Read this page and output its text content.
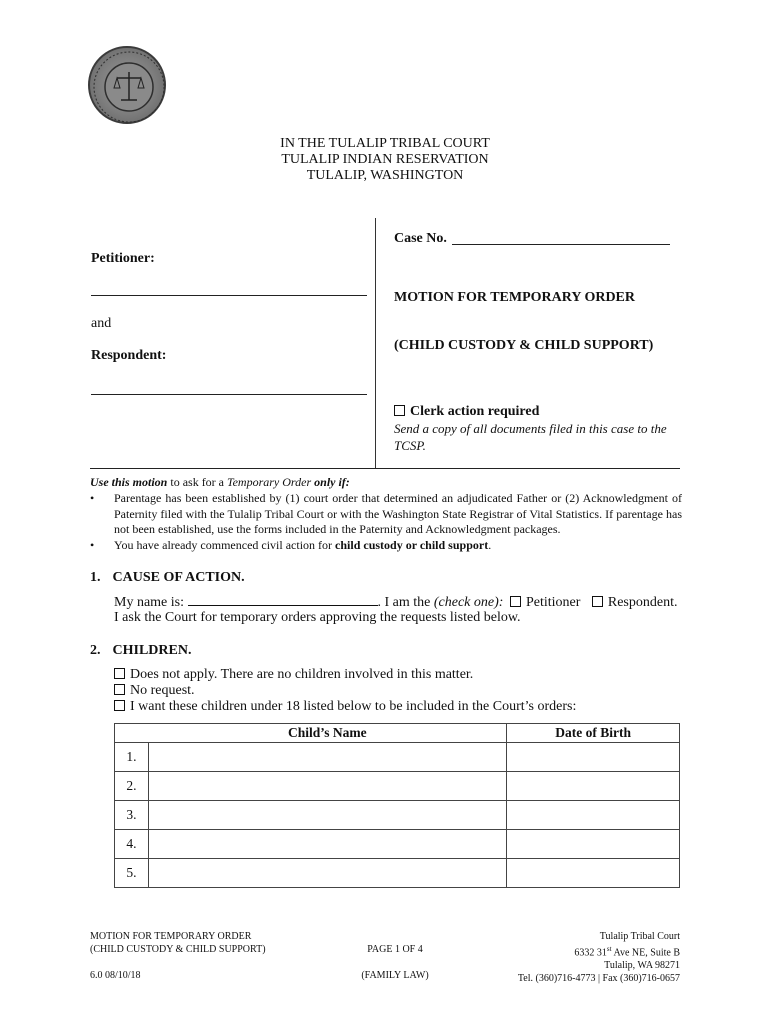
IN THE TULALIP TRIBAL COURT
TULALIP INDIAN RESERVATION
TULALIP, WASHINGTON
Petitioner:
and
Respondent:
Case No.
MOTION FOR TEMPORARY ORDER
(CHILD CUSTODY & CHILD SUPPORT)
Clerk action required
Send a copy of all documents filed in this case to the TCSP.
Use this motion to ask for a Temporary Order only if:
•	Parentage has been established by (1) court order that determined an adjudicated Father or (2) Acknowledgment of Paternity filed with the Tulalip Tribal Court or with the Washington State Registrar of Vital Statistics. If parentage has not been established, use the forms included in the Paternity and Acknowledgment packages.
•	You have already commenced civil action for child custody or child support.
1. CAUSE OF ACTION.
My name is:	. I am the (check one): Petitioner Respondent.
I ask the Court for temporary orders approving the requests listed below.
2. CHILDREN.
Does not apply. There are no children involved in this matter.
No request.
I want these children under 18 listed below to be included in the Court’s orders:
	Child’s Name	Date of Birth
1.		
2.		
3.		
4.		
5.		
MOTION FOR TEMPORARY ORDER
(CHILD CUSTODY & CHILD SUPPORT)
6.0 08/10/18
PAGE 1 OF 4
(FAMILY LAW)
Tulalip Tribal Court
6332 31st Ave NE, Suite B
Tulalip, WA 98271
Tel. (360)716-4773 | Fax (360)716-0657
